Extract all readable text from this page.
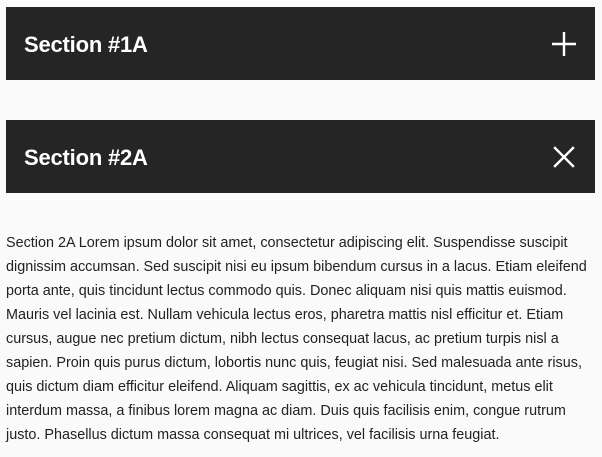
Section #1A
Section #2A
Section 2A Lorem ipsum dolor sit amet, consectetur adipiscing elit. Suspendisse suscipit dignissim accumsan. Sed suscipit nisi eu ipsum bibendum cursus in a lacus. Etiam eleifend porta ante, quis tincidunt lectus commodo quis. Donec aliquam nisi quis mattis euismod. Mauris vel lacinia est. Nullam vehicula lectus eros, pharetra mattis nisl efficitur et. Etiam cursus, augue nec pretium dictum, nibh lectus consequat lacus, ac pretium turpis nisl a sapien. Proin quis purus dictum, lobortis nunc quis, feugiat nisi. Sed malesuada ante risus, quis dictum diam efficitur eleifend. Aliquam sagittis, ex ac vehicula tincidunt, metus elit interdum massa, a finibus lorem magna ac diam. Duis quis facilisis enim, congue rutrum justo. Phasellus dictum massa consequat mi ultrices, vel facilisis urna feugiat.
